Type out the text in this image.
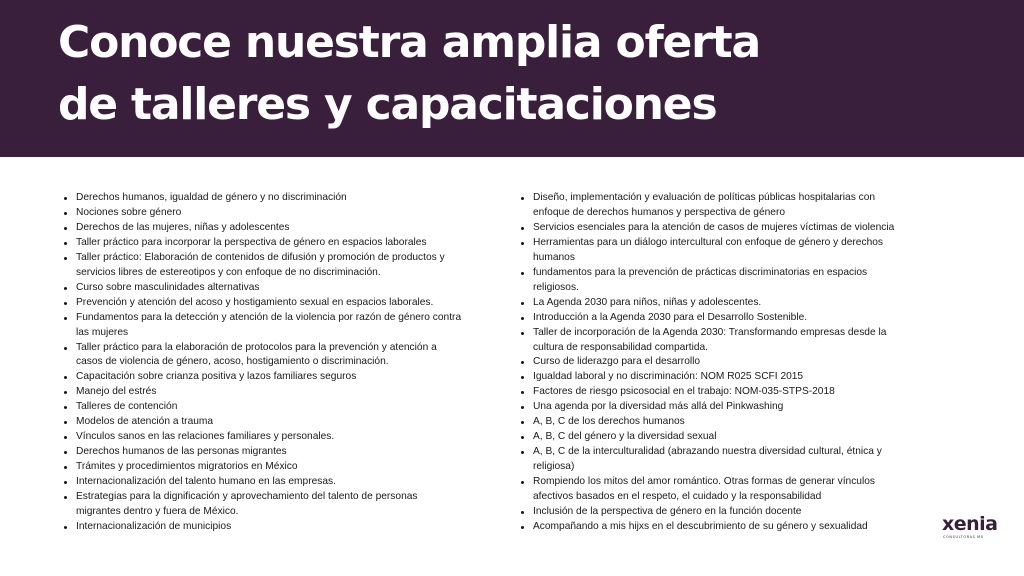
Conoce nuestra amplia oferta
de talleres y capacitaciones
Derechos humanos, igualdad de género y no discriminación
Nociones sobre género
Derechos de las mujeres, niñas y adolescentes
Taller práctico para incorporar la perspectiva de género en espacios laborales
Taller práctico: Elaboración de contenidos de difusión y promoción de productos y servicios libres de estereotipos y con enfoque de no discriminación.
Curso sobre masculinidades alternativas
Prevención y atención del acoso y hostigamiento sexual en espacios laborales.
Fundamentos para la detección y atención de la violencia por razón de género contra las mujeres
Taller práctico para la elaboración de protocolos para la prevención y atención a casos de violencia de género, acoso, hostigamiento o discriminación.
Capacitación sobre crianza positiva y lazos familiares seguros
Manejo del estrés
Talleres de contención
Modelos de atención a trauma
Vínculos sanos en las relaciones familiares y personales.
Derechos humanos de las personas migrantes
Trámites y procedimientos migratorios en México
Internacionalización del talento humano en las empresas.
Estrategias para la dignificación y aprovechamiento del talento de personas migrantes dentro y fuera de México.
Internacionalización de municipios
Diseño, implementación y evaluación de políticas públicas hospitalarias con enfoque de derechos humanos y perspectiva de género
Servicios esenciales para la atención de casos de mujeres víctimas de violencia
Herramientas para un diálogo intercultural con enfoque de género y derechos humanos
fundamentos para la prevención de prácticas discriminatorias en espacios religiosos.
La Agenda 2030 para niños, niñas y adolescentes.
Introducción a la Agenda 2030 para el Desarrollo Sostenible.
Taller de incorporación de la Agenda 2030: Transformando empresas desde la cultura de responsabilidad compartida.
Curso de liderazgo para el desarrollo
Igualdad laboral y no discriminación: NOM R025 SCFI 2015
Factores de riesgo psicosocial en el trabajo: NOM-035-STPS-2018
Una agenda por la diversidad más allá del Pinkwashing
A, B, C de los derechos humanos
A, B, C del género y la diversidad sexual
A, B, C de la interculturalidad (abrazando nuestra diversidad cultural, étnica y religiosa)
Rompiendo los mitos del amor romántico. Otras formas de generar vínculos afectivos basados en el respeto, el cuidado y la responsabilidad
Inclusión de la perspectiva de género en la función docente
Acompañando a mis hijxs en el descubrimiento de su género y sexualidad	xenia
CONSULTORAS MX
